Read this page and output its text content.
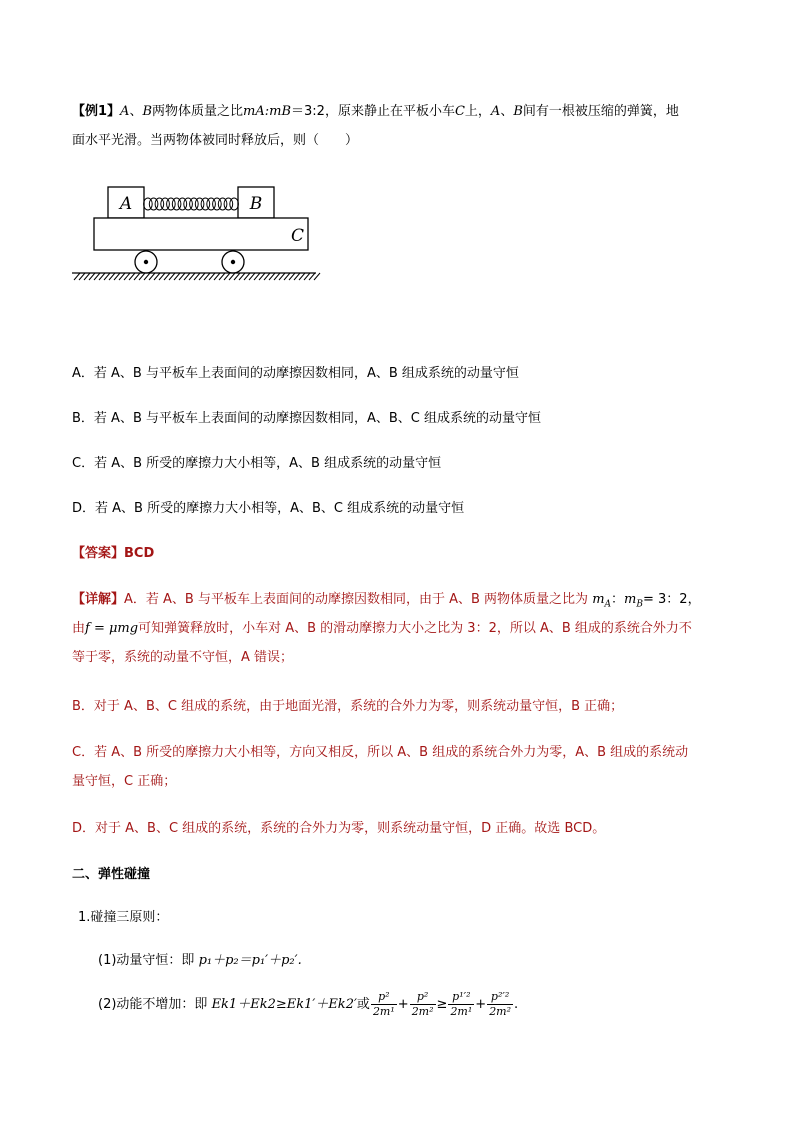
【例1】A、B两物体质量之比mA:mB＝3:2，原来静止在平板小车C上，A、B间有一根被压缩的弹簧，地
面水平光滑。当两物体被同时释放后，则（　　）
A	B
C
A．若 A、B 与平板车上表面间的动摩擦因数相同，A、B 组成系统的动量守恒
B．若 A、B 与平板车上表面间的动摩擦因数相同，A、B、C 组成系统的动量守恒
C．若 A、B 所受的摩擦力大小相等，A、B 组成系统的动量守恒
D．若 A、B 所受的摩擦力大小相等，A、B、C 组成系统的动量守恒
【答案】BCD
【详解】A．若 A、B 与平板车上表面间的动摩擦因数相同，由于 A、B 两物体质量之比为 $m_A$：$m_B= 3$：2，
由f = μmg可知弹簧释放时，小车对 A、B 的滑动摩擦力大小之比为 3：2，所以 A、B 组成的系统合外力不
等于零，系统的动量不守恒，A 错误；
B．对于 A、B、C 组成的系统，由于地面光滑，系统的合外力为零，则系统动量守恒，B 正确；
C．若 A、B 所受的摩擦力大小相等，方向又相反，所以 A、B 组成的系统合外力为零，A、B 组成的系统动
量守恒，C 正确；
D．对于 A、B、C 组成的系统，系统的合外力为零，则系统动量守恒，D 正确。故选 BCD。
二、弹性碰撞
1.碰撞三原则：
(1)动量守恒：即 p₁＋p₂＝p₁′＋p₂′.
(2)动能不增加：即 Ek1＋Ek2≥Ek1′＋Ek2′或 $\frac{\text{p²}}{\text{2m¹}} + \frac{\text{p²}}{\text{2m²}} \ge \frac{\text{p¹′²}}{\text{2m¹}} + \frac{\text{p²′²}}{\text{2m²}}$ .
